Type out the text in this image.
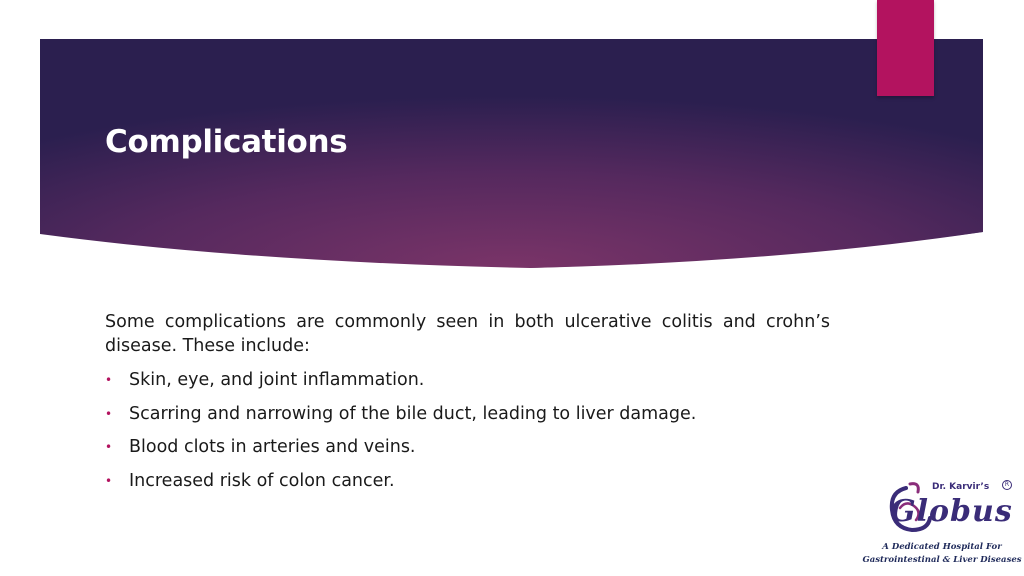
Complications

Some complications are commonly seen in both ulcerative colitis and crohn’s disease. These include:

• Skin, eye, and joint inflammation.
• Scarring and narrowing of the bile duct, leading to liver damage.
• Blood clots in arteries and veins.
• Increased risk of colon cancer.	Dr. Karvir’s	R
Globus
A Dedicated Hospital For
Gastrointestinal & Liver Diseases
